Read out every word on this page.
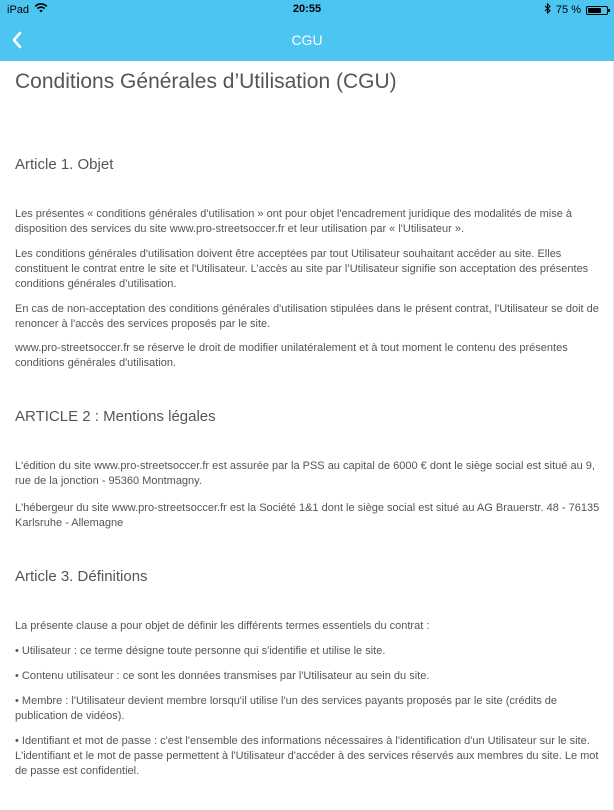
iPad	20:55	75 %
CGU
Conditions Générales d’Utilisation (CGU)
Article 1. Objet

Les présentes « conditions générales d'utilisation » ont pour objet l'encadrement juridique des modalités de mise à disposition des services du site www.pro-streetsoccer.fr et leur utilisation par « l'Utilisateur ».

Les conditions générales d'utilisation doivent être acceptées par tout Utilisateur souhaitant accéder au site. Elles constituent le contrat entre le site et l'Utilisateur. L’accès au site par l’Utilisateur signifie son acceptation des présentes conditions générales d’utilisation.

En cas de non-acceptation des conditions générales d'utilisation stipulées dans le présent contrat, l'Utilisateur se doit de renoncer à l'accès des services proposés par le site.

www.pro-streetsoccer.fr se réserve le droit de modifier unilatéralement et à tout moment le contenu des présentes conditions générales d'utilisation.

ARTICLE 2 : Mentions légales

L'édition du site www.pro-streetsoccer.fr est assurée par la PSS au capital de 6000 € dont le siège social est situé au 9, rue de la jonction - 95360 Montmagny.

L'hébergeur du site www.pro-streetsoccer.fr est la Société 1&1 dont le siège social est situé au AG Brauerstr. 48 - 76135 Karlsruhe - Allemagne

Article 3. Définitions

La présente clause a pour objet de définir les différents termes essentiels du contrat :

• Utilisateur : ce terme désigne toute personne qui s'identifie et utilise le site.

• Contenu utilisateur : ce sont les données transmises par l'Utilisateur au sein du site.

• Membre : l'Utilisateur devient membre lorsqu'il utilise l'un des services payants proposés par le site (crédits de publication de vidéos).

• Identifiant et mot de passe : c'est l'ensemble des informations nécessaires à l'identification d'un Utilisateur sur le site. L'identifiant et le mot de passe permettent à l'Utilisateur d'accéder à des services réservés aux membres du site. Le mot de passe est confidentiel.
